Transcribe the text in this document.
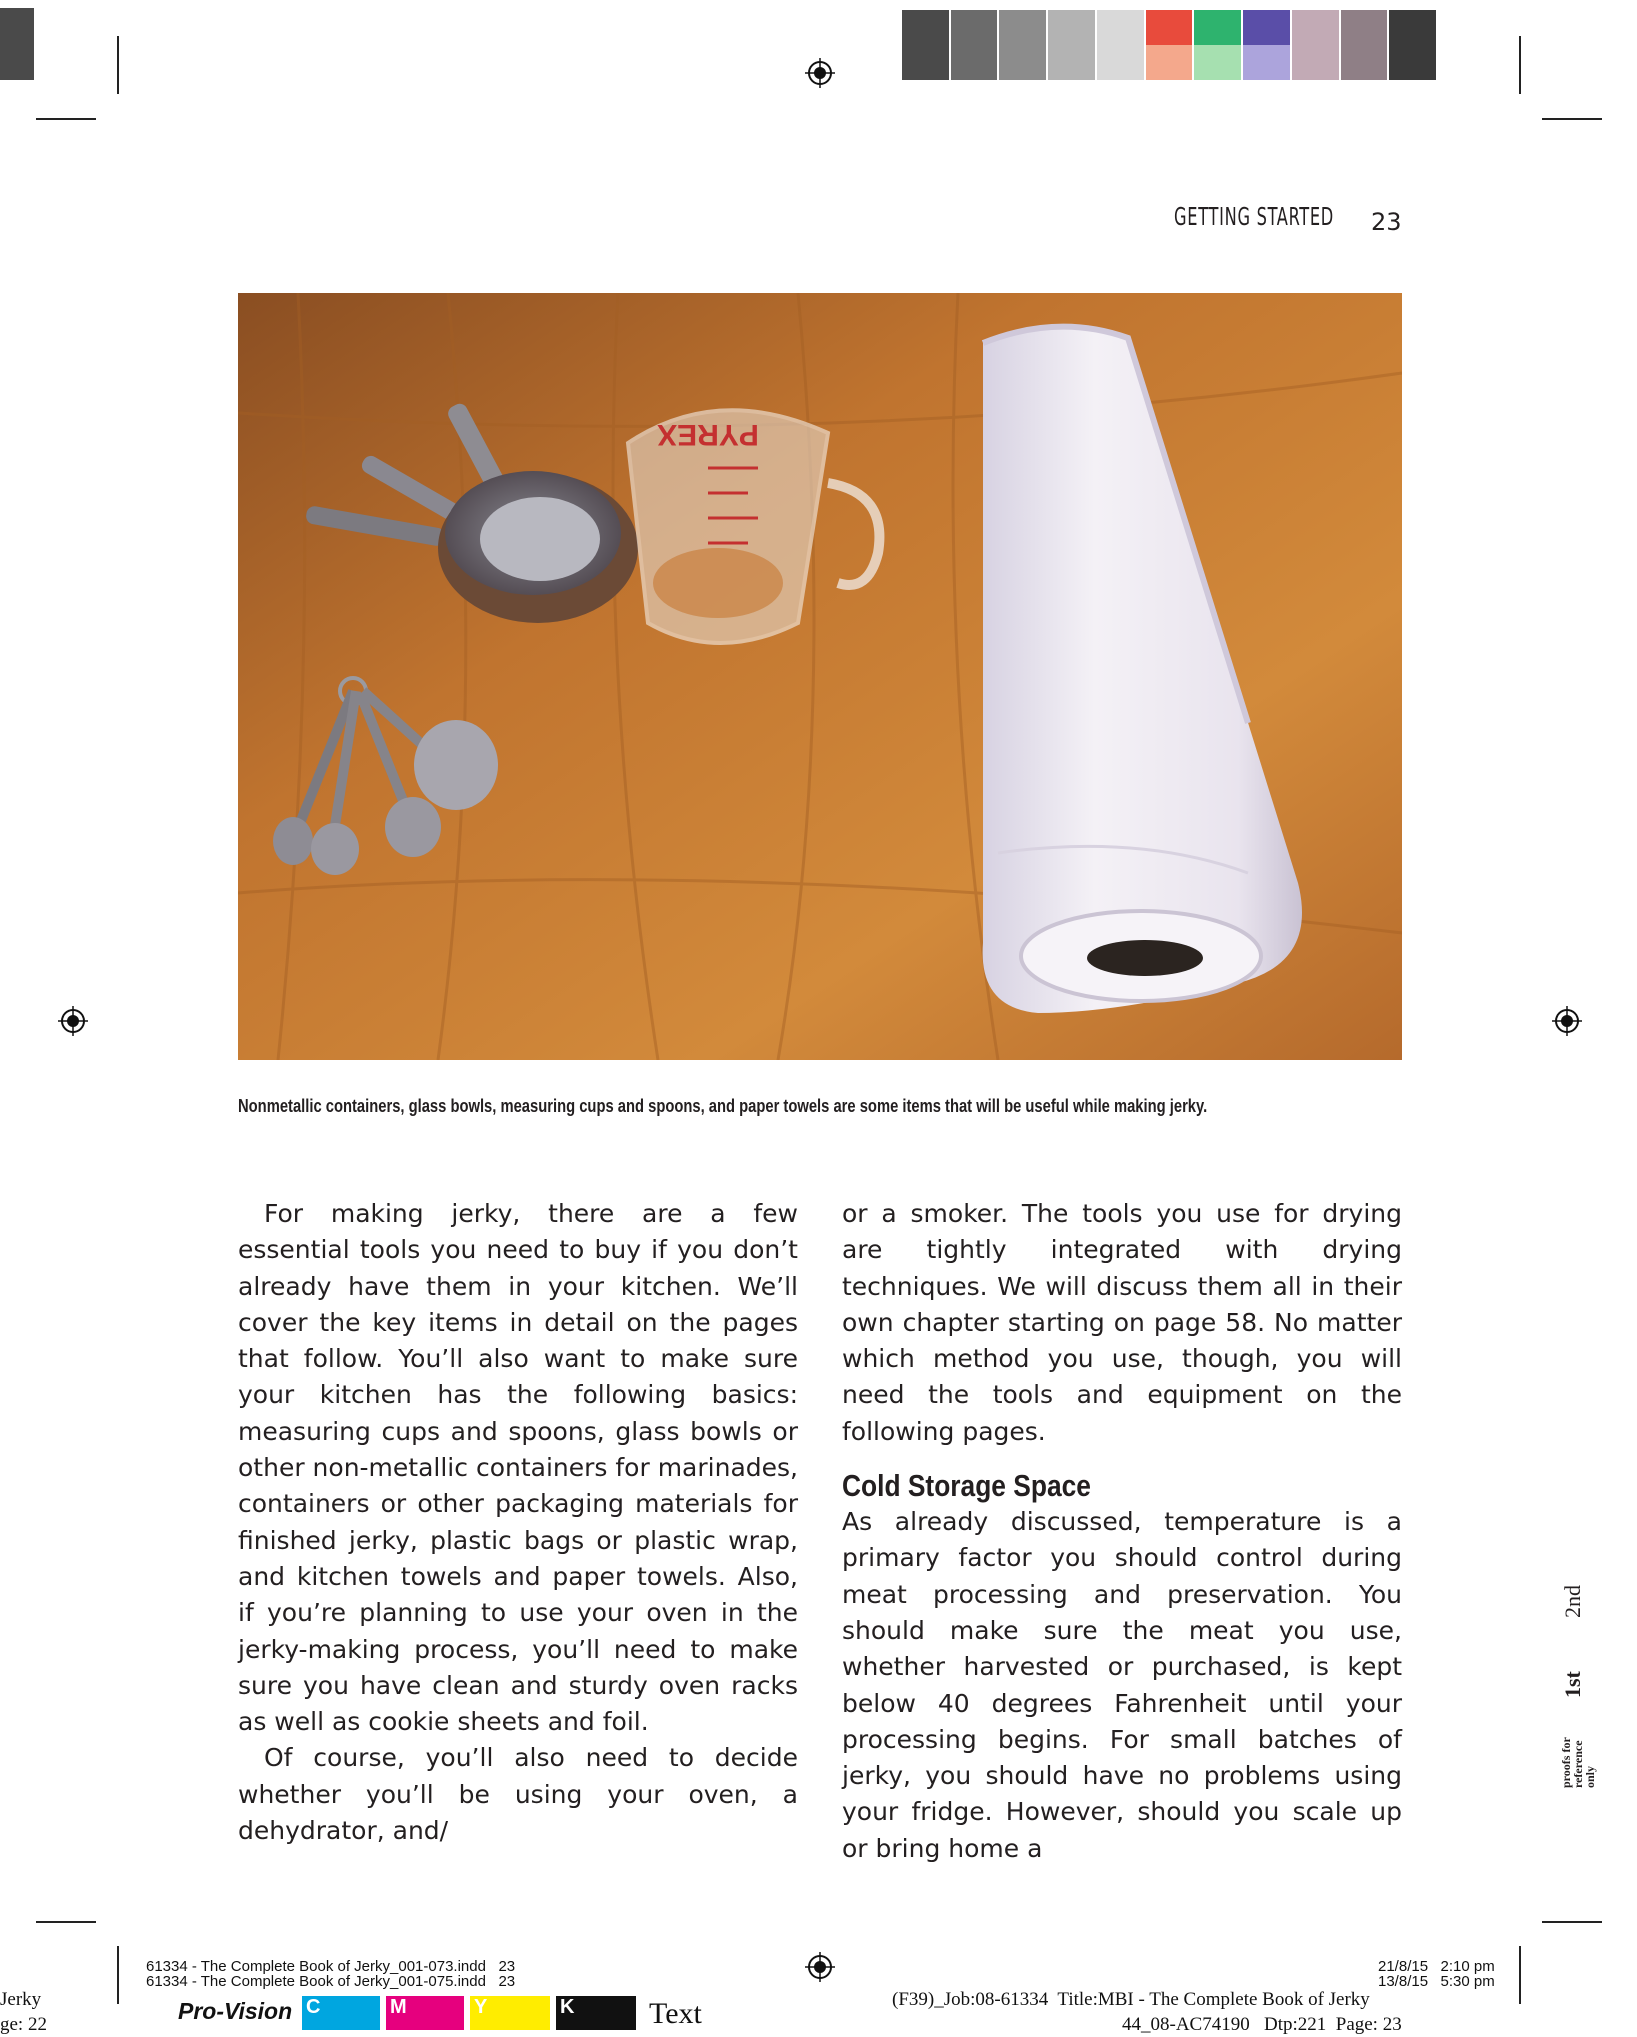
GETTING STARTED 23
PYREX
Nonmetallic containers, glass bowls, measuring cups and spoons, and paper towels are some items that will be useful while making jerky.

For making jerky, there are a few essential tools you need to buy if you don’t already have them in your kitchen. We’ll cover the key items in detail on the pages that follow. You’ll also want to make sure your kitchen has the following basics: measuring cups and spoons, glass bowls or other non-metallic containers for marinades, containers or other packaging materials for finished jerky, plastic bags or plastic wrap, and kitchen towels and paper towels. Also, if you’re planning to use your oven in the jerky-making process, you’ll need to make sure you have clean and sturdy oven racks as well as cookie sheets and foil.

Of course, you’ll also need to decide whether you’ll be using your oven, a dehydrator, and/

or a smoker. The tools you use for drying are tightly integrated with drying techniques. We will discuss them all in their own chapter starting on page 58. No matter which method you use, though, you will need the tools and equipment on the following pages.

Cold Storage Space

As already discussed, temperature is a primary factor you should control during meat processing and preservation. You should make sure the meat you use, whether harvested or purchased, is kept below 40 degrees Fahrenheit until your processing begins. For small batches of jerky, you should have no problems using your fridge. However, should you scale up or bring home a

2nd
1st
proofs for
reference
only
61334 - The Complete Book of Jerky_001-073.indd   23
61334 - The Complete Book of Jerky_001-075.indd   23
21/8/15   2:10 pm
13/8/15   5:30 pm
(F39)_Job:08-61334  Title:MBI - The Complete Book of Jerky
44_08-AC74190   Dtp:221  Page: 23
Jerky
ge: 22
Pro-Vision C	M	Y	K	Text
